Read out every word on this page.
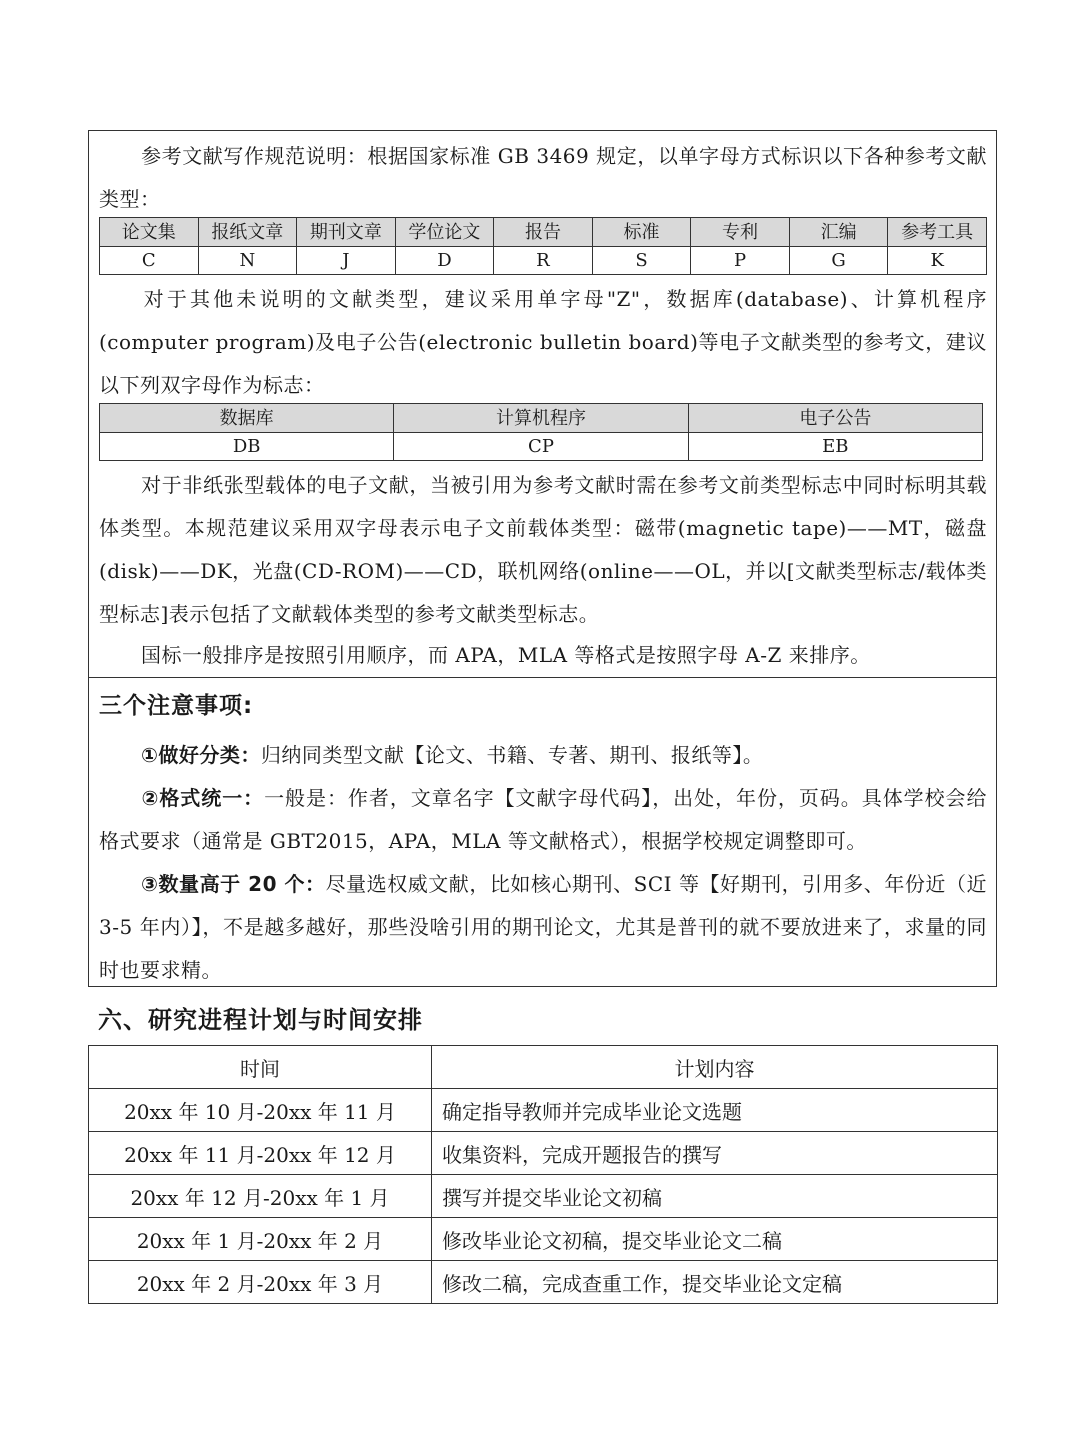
参考文献写作规范说明：根据国家标准 GB 3469 规定，以单字母方式标识以下各种参考文献类型：
论文集	报纸文章	期刊文章	学位论文	报告	标准	专利	汇编	参考工具
C	N	J	D	R	S	P	G	K
对于其他未说明的文献类型，建议采用单字母"Z"，数据库(database)、计算机程序(computer program)及电子公告(electronic bulletin board)等电子文献类型的参考文，建议以下列双字母作为标志：
数据库	计算机程序	电子公告
DB	CP	EB
对于非纸张型载体的电子文献，当被引用为参考文献时需在参考文前类型标志中同时标明其载体类型。本规范建议采用双字母表示电子文前载体类型：磁带(magnetic tape)——MT，磁盘(disk)——DK，光盘(CD-ROM)——CD，联机网络(online——OL，并以[文献类型标志/载体类型标志]表示包括了文献载体类型的参考文献类型标志。
国标一般排序是按照引用顺序，而 APA，MLA 等格式是按照字母 A-Z 来排序。
三个注意事项:
①做好分类：归纳同类型文献【论文、书籍、专著、期刊、报纸等】。
②格式统一：一般是：作者，文章名字【文献字母代码】，出处，年份，页码。具体学校会给格式要求（通常是 GBT2015，APA，MLA 等文献格式），根据学校规定调整即可。
③数量高于 20 个：尽量选权威文献，比如核心期刊、SCI 等【好期刊，引用多、年份近（近 3-5 年内）】，不是越多越好，那些没啥引用的期刊论文，尤其是普刊的就不要放进来了，求量的同时也要求精。
六、研究进程计划与时间安排
时间	计划内容
20xx 年 10 月-20xx 年 11 月	确定指导教师并完成毕业论文选题
20xx 年 11 月-20xx 年 12 月	收集资料，完成开题报告的撰写
20xx 年 12 月-20xx 年 1 月	撰写并提交毕业论文初稿
20xx 年 1 月-20xx 年 2 月	修改毕业论文初稿，提交毕业论文二稿
20xx 年 2 月-20xx 年 3 月	修改二稿，完成查重工作，提交毕业论文定稿
